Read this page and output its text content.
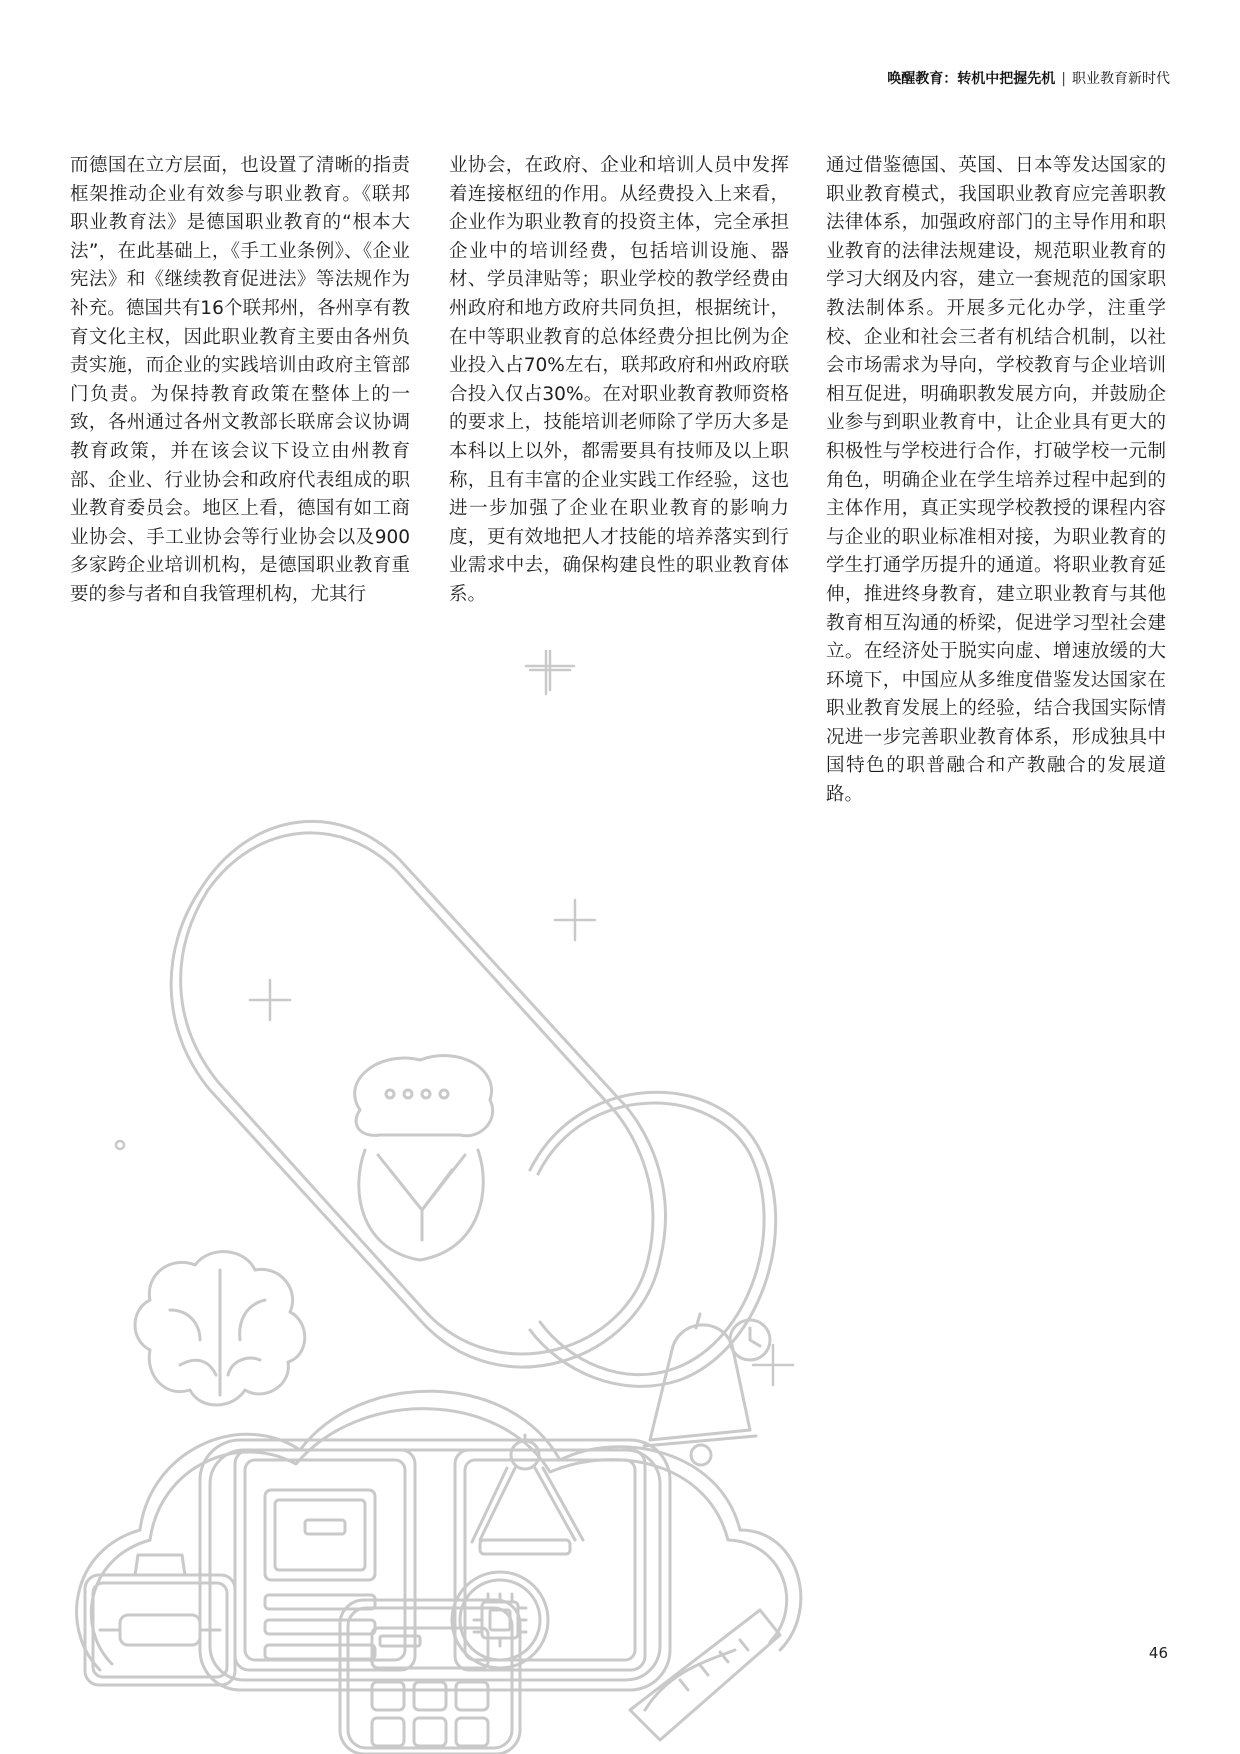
唤醒教育：转机中把握先机 | 职业教育新时代

而德国在立方层面，也设置了清晰的指责框架推动企业有效参与职业教育。《联邦职业教育法》是德国职业教育的“根本大法”，在此基础上，《手工业条例》、《企业宪法》和《继续教育促进法》等法规作为补充。德国共有16个联邦州，各州享有教育文化主权，因此职业教育主要由各州负责实施，而企业的实践培训由政府主管部门负责。为保持教育政策在整体上的一致，各州通过各州文教部长联席会议协调教育政策，并在该会议下设立由州教育部、企业、行业协会和政府代表组成的职业教育委员会。地区上看，德国有如工商业协会、手工业协会等行业协会以及900多家跨企业培训机构，是德国职业教育重要的参与者和自我管理机构，尤其行

业协会，在政府、企业和培训人员中发挥着连接枢纽的作用。从经费投入上来看，企业作为职业教育的投资主体，完全承担企业中的培训经费，包括培训设施、器材、学员津贴等；职业学校的教学经费由州政府和地方政府共同负担，根据统计，在中等职业教育的总体经费分担比例为企业投入占70%左右，联邦政府和州政府联合投入仅占30%。在对职业教育教师资格的要求上，技能培训老师除了学历大多是本科以上以外，都需要具有技师及以上职称，且有丰富的企业实践工作经验，这也进一步加强了企业在职业教育的影响力度，更有效地把人才技能的培养落实到行业需求中去，确保构建良性的职业教育体系。

通过借鉴德国、英国、日本等发达国家的职业教育模式，我国职业教育应完善职教法律体系，加强政府部门的主导作用和职业教育的法律法规建设，规范职业教育的学习大纲及内容，建立一套规范的国家职教法制体系。开展多元化办学，注重学校、企业和社会三者有机结合机制，以社会市场需求为导向，学校教育与企业培训相互促进，明确职教发展方向，并鼓励企业参与到职业教育中，让企业具有更大的积极性与学校进行合作，打破学校一元制角色，明确企业在学生培养过程中起到的主体作用，真正实现学校教授的课程内容与企业的职业标准相对接，为职业教育的学生打通学历提升的通道。将职业教育延伸，推进终身教育，建立职业教育与其他教育相互沟通的桥梁，促进学习型社会建立。在经济处于脱实向虚、增速放缓的大环境下，中国应从多维度借鉴发达国家在职业教育发展上的经验，结合我国实际情况进一步完善职业教育体系，形成独具中国特色的职普融合和产教融合的发展道路。

46
